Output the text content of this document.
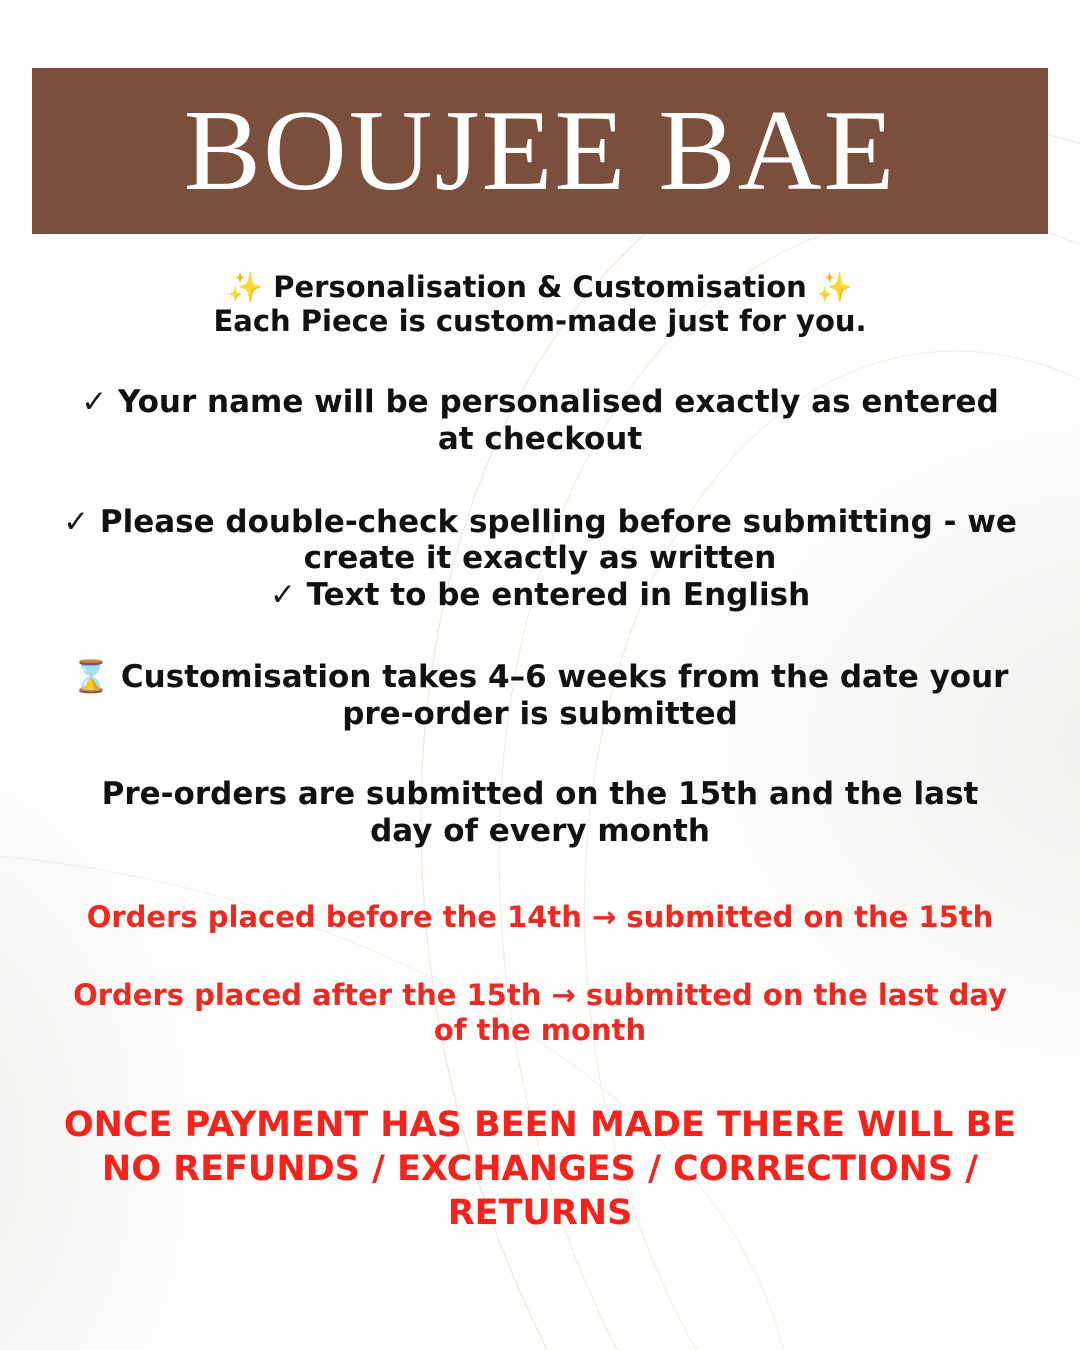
BOUJEE BAE
✨ Personalisation & Customisation ✨
Each Piece is custom-made just for you.
✓ Your name will be personalised exactly as entered at checkout
✓ Please double-check spelling before submitting - we create it exactly as written
✓ Text to be entered in English
⌛ Customisation takes 4–6 weeks from the date your pre-order is submitted
Pre-orders are submitted on the 15th and the last day of every month
Orders placed before the 14th → submitted on the 15th
Orders placed after the 15th → submitted on the last day of the month
ONCE PAYMENT HAS BEEN MADE THERE WILL BE NO REFUNDS / EXCHANGES / CORRECTIONS / RETURNS
